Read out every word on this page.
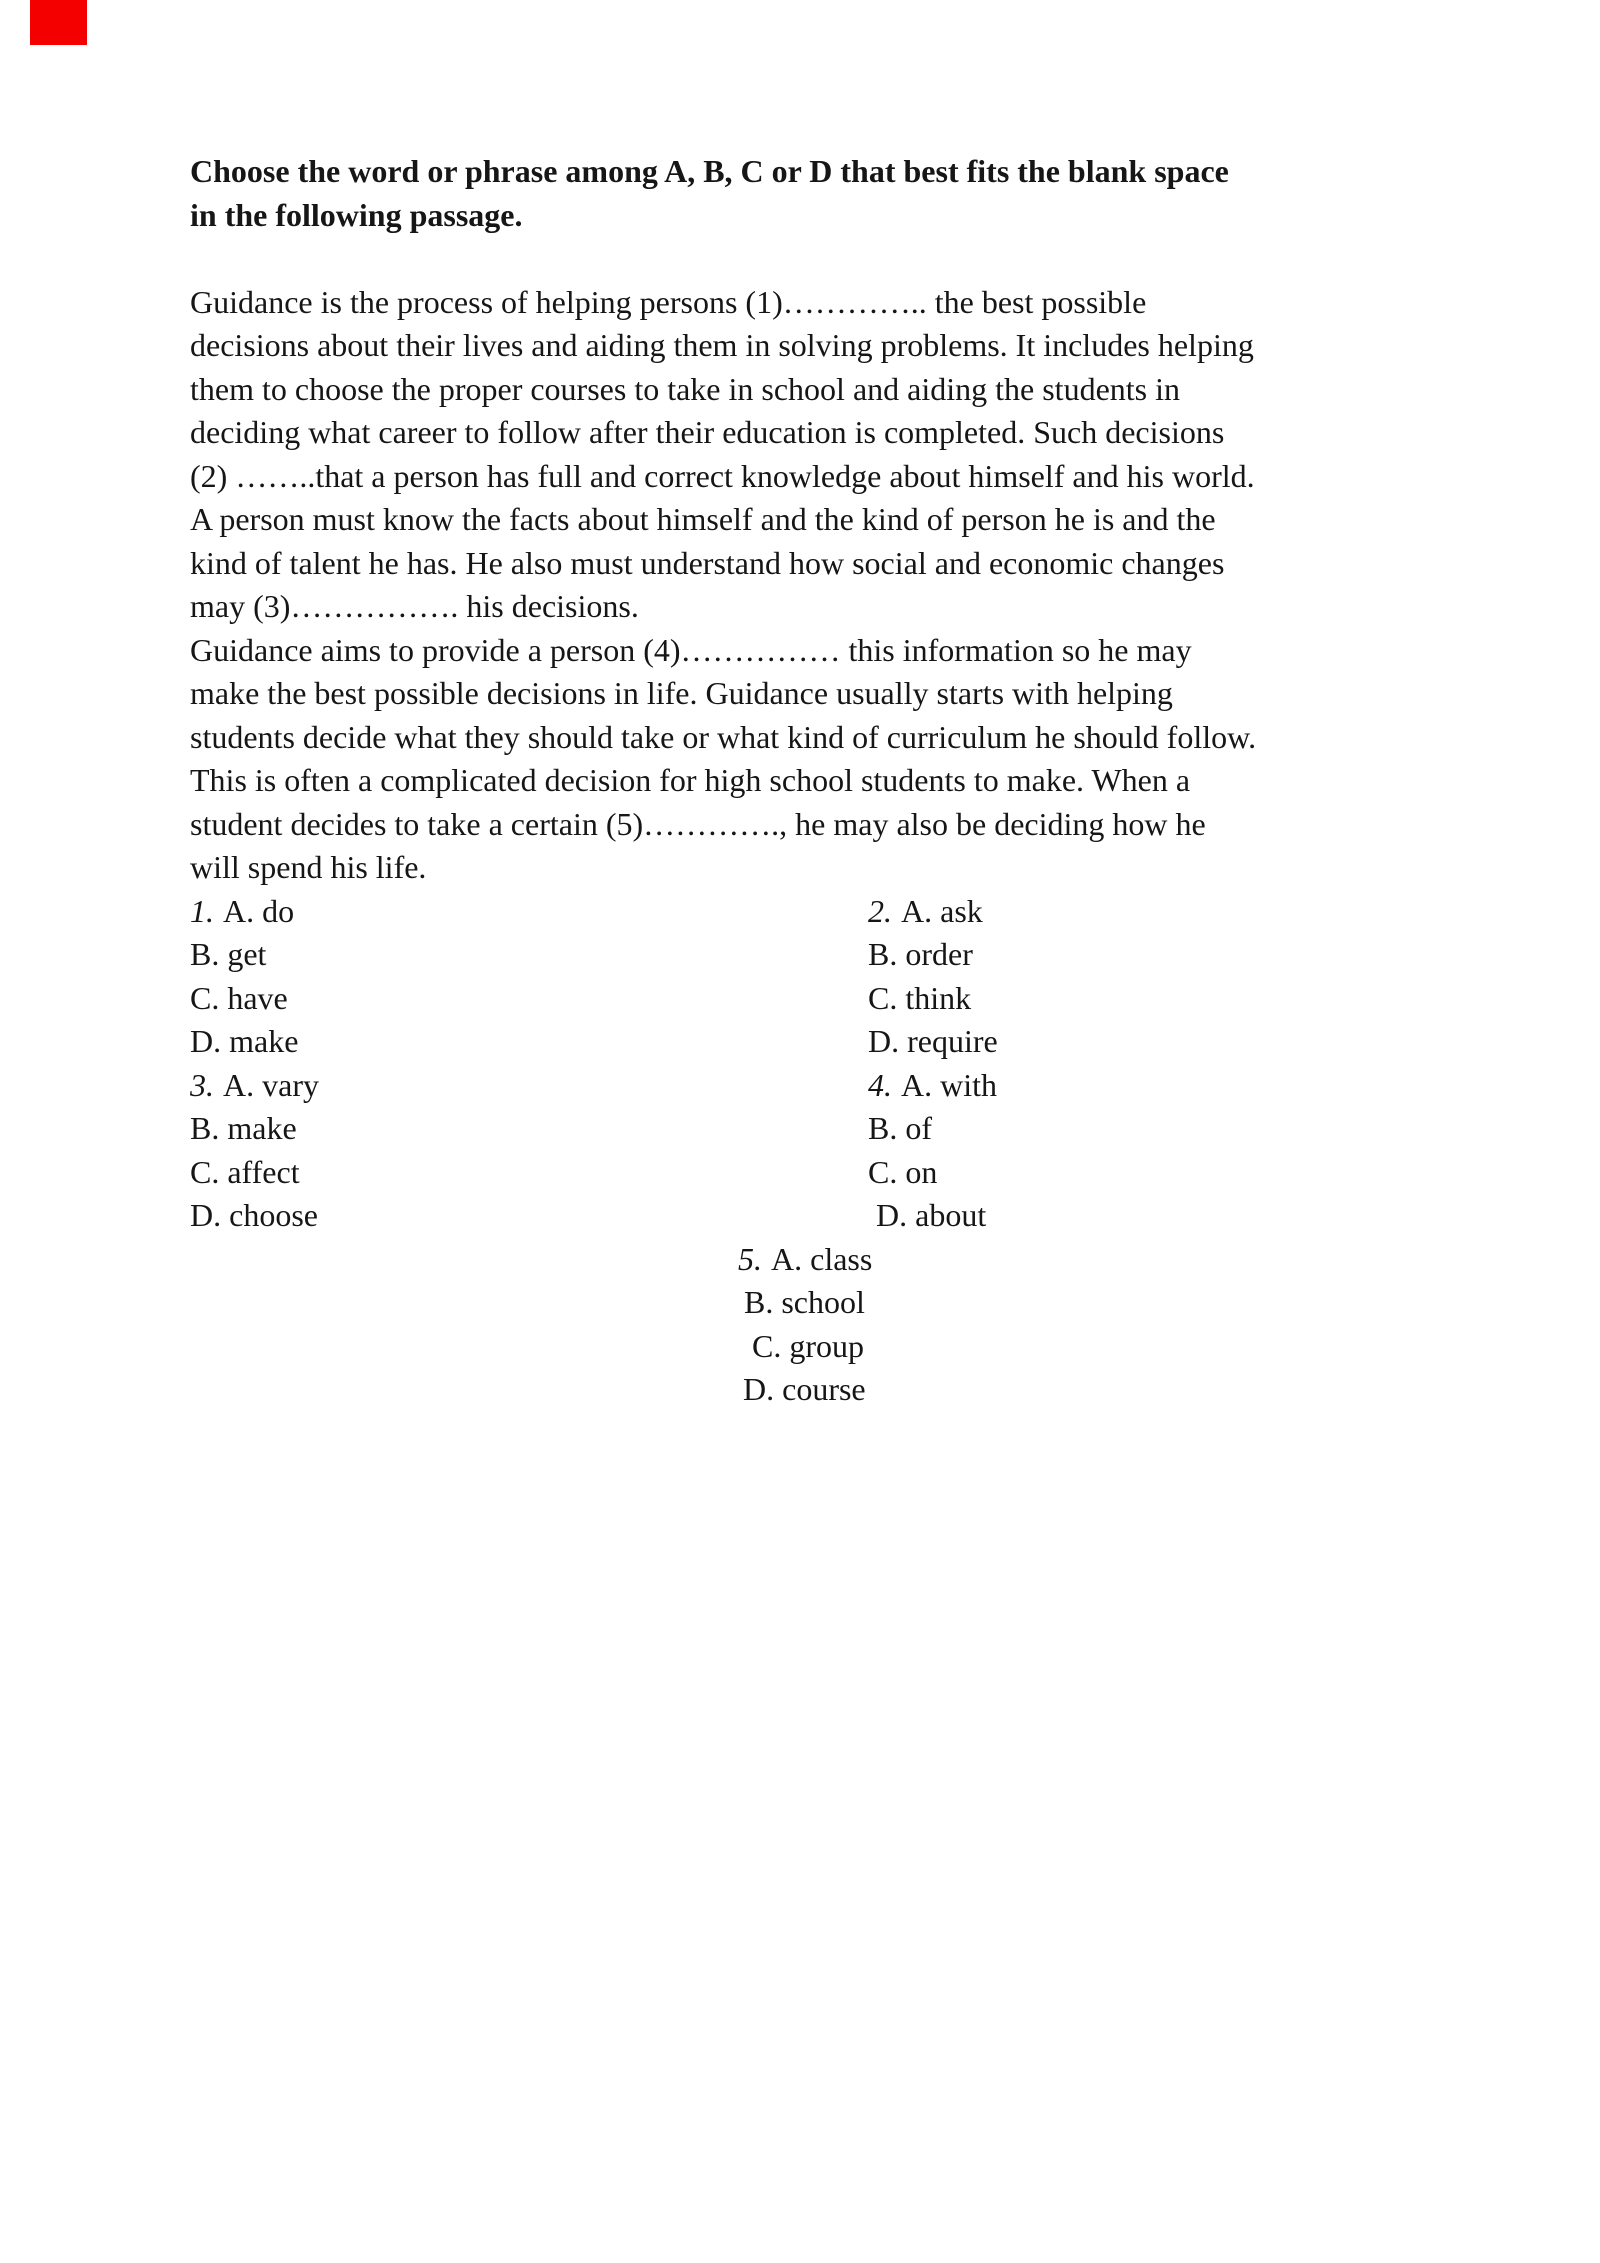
Choose the word or phrase among A, B, C or D that best fits the blank space
in the following passage.
Guidance is the process of helping persons (1)………….. the best possible
decisions about their lives and aiding them in solving problems. It includes helping
them to choose the proper courses to take in school and aiding the students in
deciding what career to follow after their education is completed. Such decisions
(2) ……..that a person has full and correct knowledge about himself and his world.
A person must know the facts about himself and the kind of person he is and the
kind of talent he has. He also must understand how social and economic changes
may (3)……………. his decisions.
Guidance aims to provide a person (4)…………… this information so he may
make the best possible decisions in life. Guidance usually starts with helping
students decide what they should take or what kind of curriculum he should follow.
This is often a complicated decision for high school students to make. When a
student decides to take a certain (5)…………., he may also be deciding how he
will spend his life.
1. A. do	2. A. ask
B. get	B. order
C. have	C. think
D. make	D. require
3. A. vary	4. A. with
B. make	B. of
C. affect	C. on
D. choose	D. about
5. A. class
B. school
C. group
D. course
